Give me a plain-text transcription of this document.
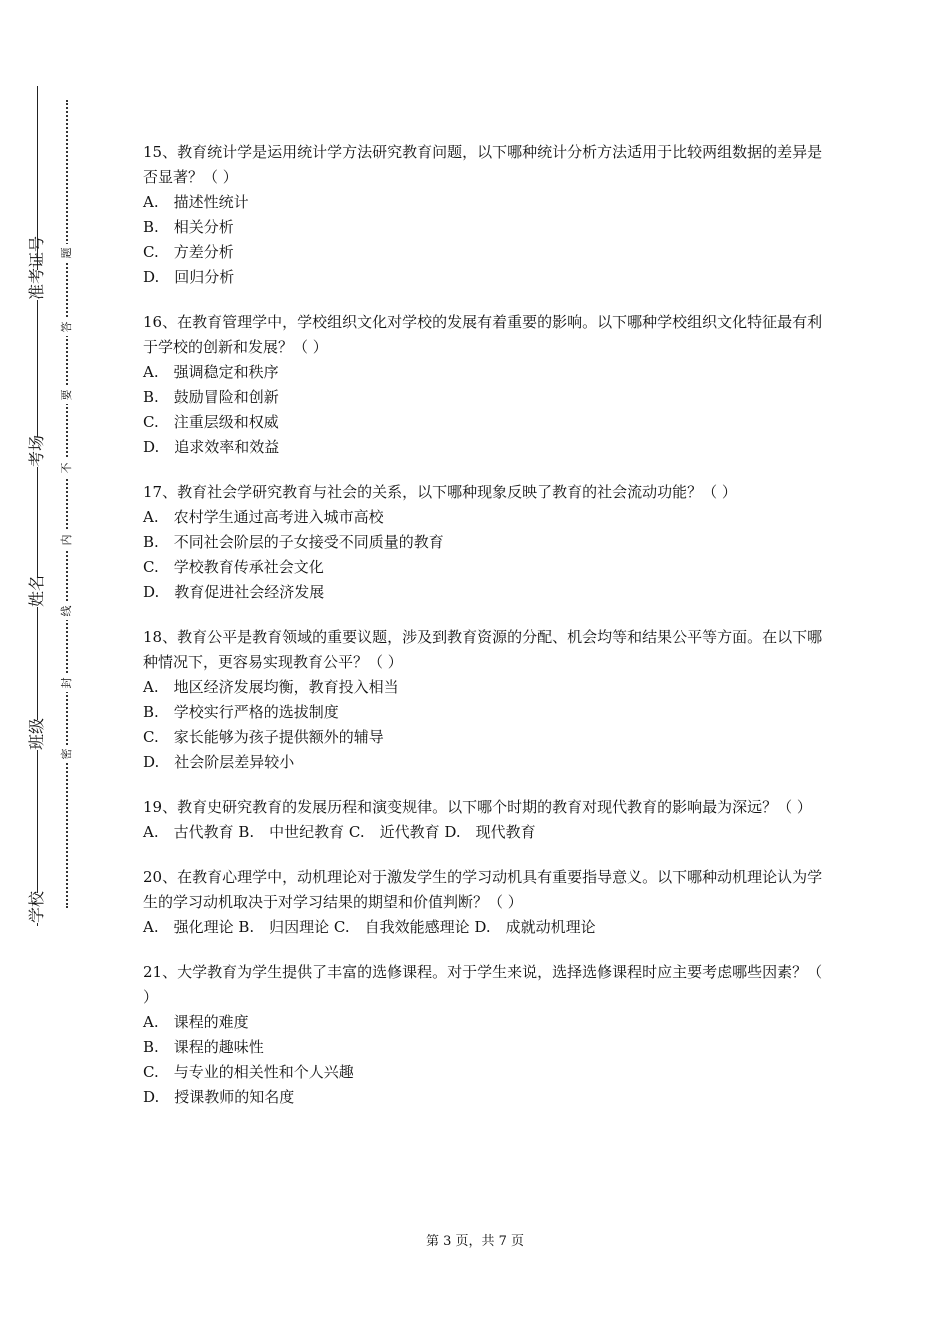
准考证号
考场
姓名
班级
学校
题
答
要
不
内
线
封
密

15、教育统计学是运用统计学方法研究教育问题，以下哪种统计分析方法适用于比较两组数据的差异是否显著？（ ）

A.　描述性统计

B.　相关分析

C.　方差分析

D.　回归分析

16、在教育管理学中，学校组织文化对学校的发展有着重要的影响。以下哪种学校组织文化特征最有利于学校的创新和发展？（ ）

A.　强调稳定和秩序

B.　鼓励冒险和创新

C.　注重层级和权威

D.　追求效率和效益

17、教育社会学研究教育与社会的关系，以下哪种现象反映了教育的社会流动功能？（ ）

A.　农村学生通过高考进入城市高校

B.　不同社会阶层的子女接受不同质量的教育

C.　学校教育传承社会文化

D.　教育促进社会经济发展

18、教育公平是教育领域的重要议题，涉及到教育资源的分配、机会均等和结果公平等方面。在以下哪种情况下，更容易实现教育公平？（ ）

A.　地区经济发展均衡，教育投入相当

B.　学校实行严格的选拔制度

C.　家长能够为孩子提供额外的辅导

D.　社会阶层差异较小

19、教育史研究教育的发展历程和演变规律。以下哪个时期的教育对现代教育的影响最为深远？（ ）

A.　古代教育 B.　中世纪教育 C.　近代教育 D.　现代教育

20、在教育心理学中，动机理论对于激发学生的学习动机具有重要指导意义。以下哪种动机理论认为学生的学习动机取决于对学习结果的期望和价值判断？（ ）

A.　强化理论 B.　归因理论 C.　自我效能感理论 D.　成就动机理论

21、大学教育为学生提供了丰富的选修课程。对于学生来说，选择选修课程时应主要考虑哪些因素？（ ）

A.　课程的难度

B.　课程的趣味性

C.　与专业的相关性和个人兴趣

D.　授课教师的知名度

第 3 页，共 7 页
